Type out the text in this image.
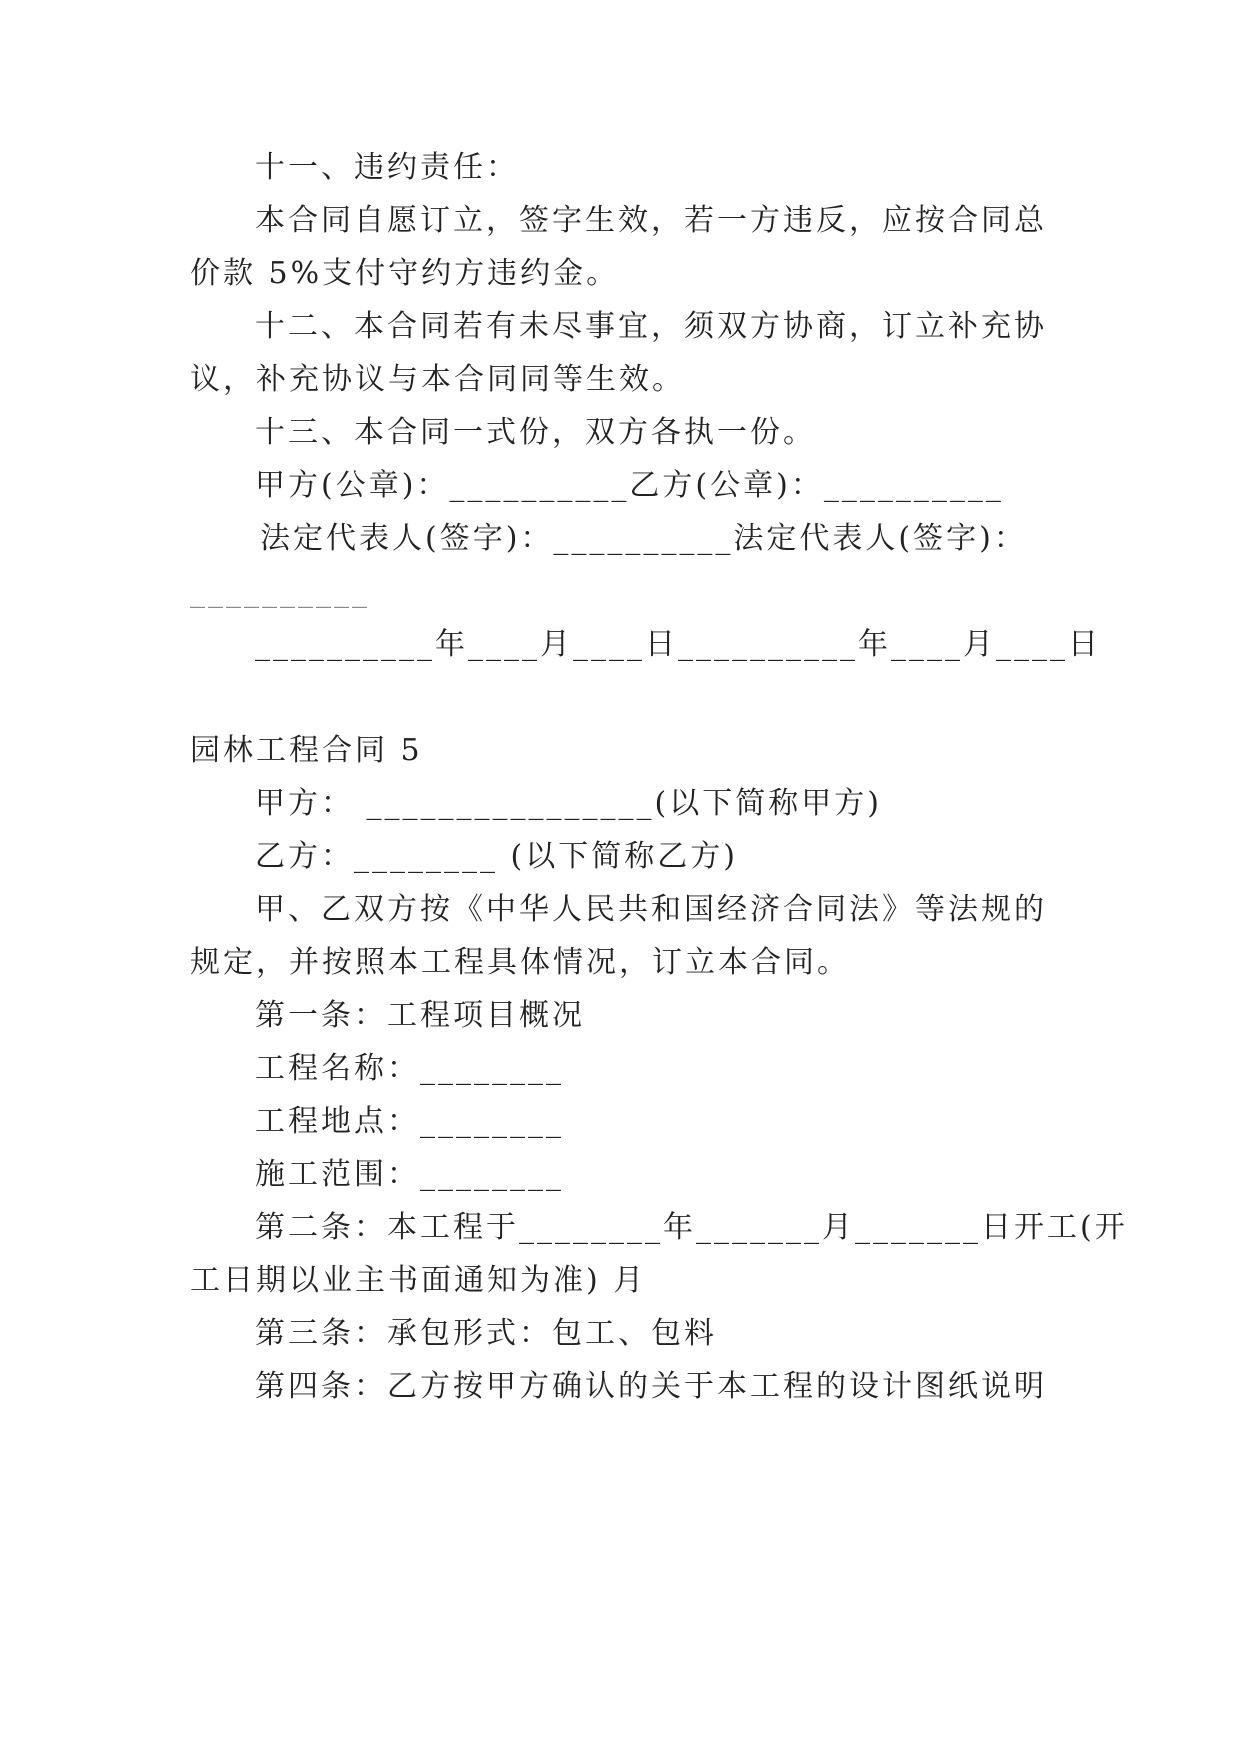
十一、违约责任：
本合同自愿订立，签字生效，若一方违反，应按合同总
价款 5%支付守约方违约金。
十二、本合同若有未尽事宜，须双方协商，订立补充协
议，补充协议与本合同同等生效。
十三、本合同一式份，双方各执一份。
甲方(公章)：__________乙方(公章)：__________
法定代表人(签字)：__________法定代表人(签字)：
__________
__________年____月____日__________年____月____日
园林工程合同 5
甲方： ________________(以下简称甲方)
乙方：________ (以下简称乙方)
甲、乙双方按《中华人民共和国经济合同法》等法规的
规定，并按照本工程具体情况，订立本合同。
第一条：工程项目概况
工程名称：________
工程地点：________
施工范围：________
第二条：本工程于________年_______月_______日开工(开
工日期以业主书面通知为准) 月
第三条：承包形式：包工、包料
第四条：乙方按甲方确认的关于本工程的设计图纸说明
